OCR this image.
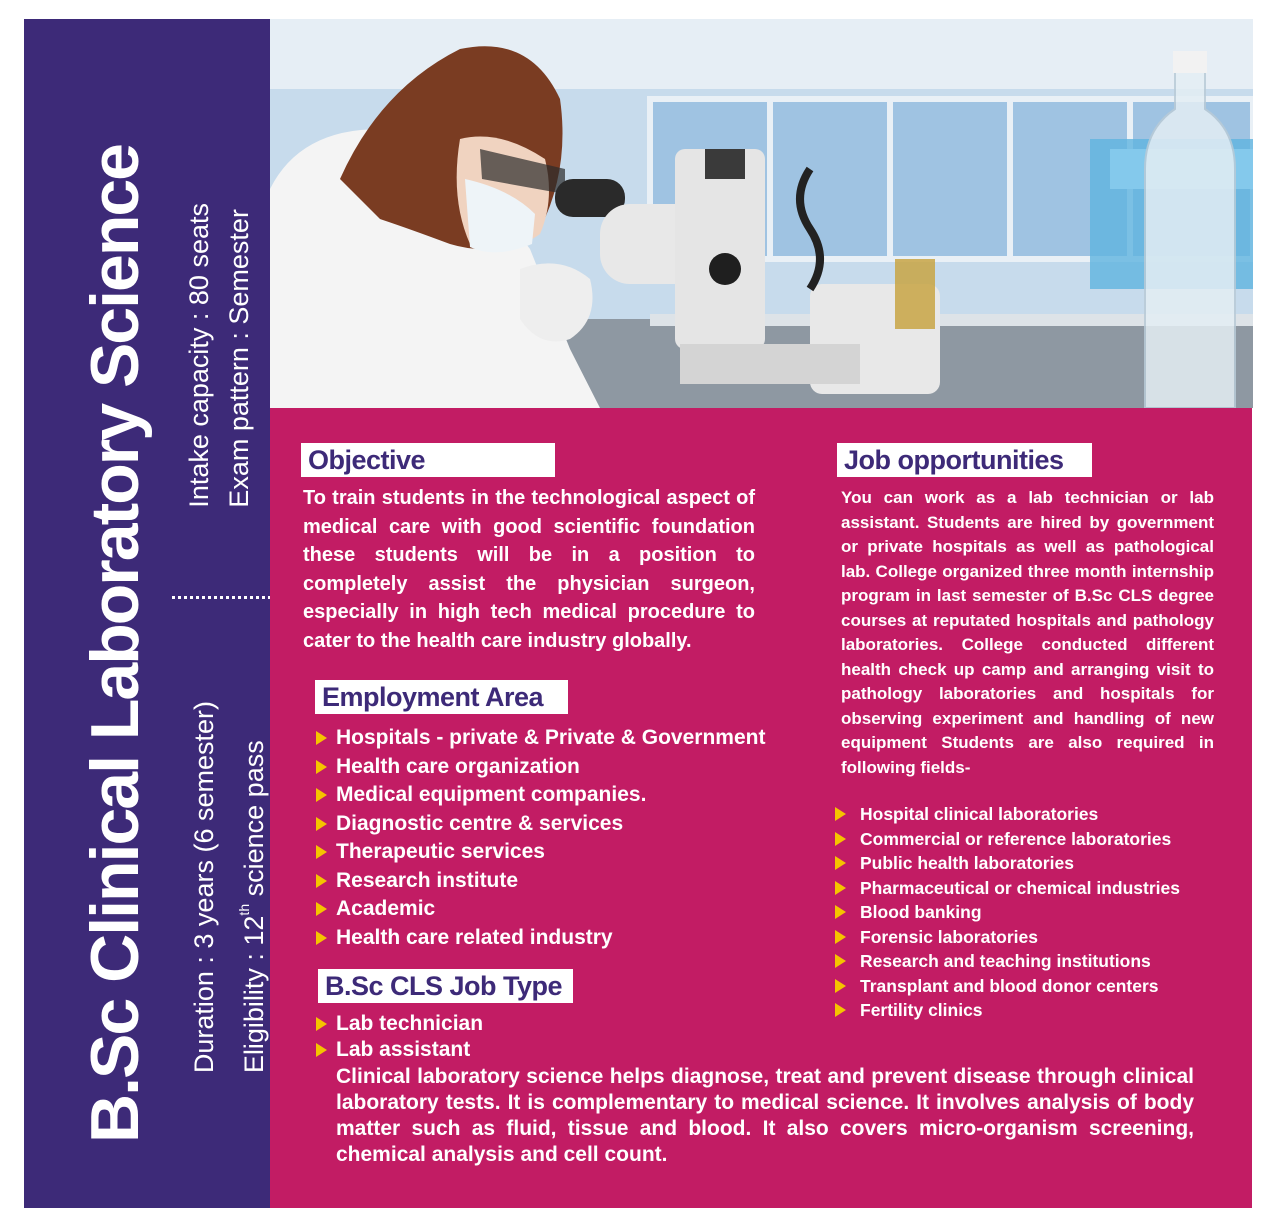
B.Sc Clinical Laboratory Science Intake capacity : 80 seats Exam pattern : Semester
Duration : 3 years (6 semester) Eligibility : 12th science pass
Objective
To train students in the technological aspect of medical care with good scientific foundation these students will be in a position to completely assist the physician surgeon, especially in high tech medical procedure to cater to the health care industry globally.
Employment Area
Hospitals - private & Private & Government
Health care organization
Medical equipment companies.
Diagnostic centre & services
Therapeutic services
Research institute
Academic
Health care related industry
B.Sc CLS Job Type
Lab technician
Lab assistant
Clinical laboratory science helps diagnose, treat and prevent disease through clinical laboratory tests. It is complementary to medical science. It involves analysis of body matter such as fluid, tissue and blood. It also covers micro-organism screening, chemical analysis and cell count.
Job opportunities
You can work as a lab technician or lab assistant. Students are hired by government or private hospitals as well as pathological lab. College organized three month internship program in last semester of B.Sc CLS degree courses at reputated hospitals and pathology laboratories. College conducted different health check up camp and arranging visit to pathology laboratories and hospitals for observing experiment and handling of new equipment Students are also required in following fields-
Hospital clinical laboratories
Commercial or reference laboratories
Public health laboratories
Pharmaceutical or chemical industries
Blood banking
Forensic laboratories
Research and teaching institutions
Transplant and blood donor centers
Fertility clinics
